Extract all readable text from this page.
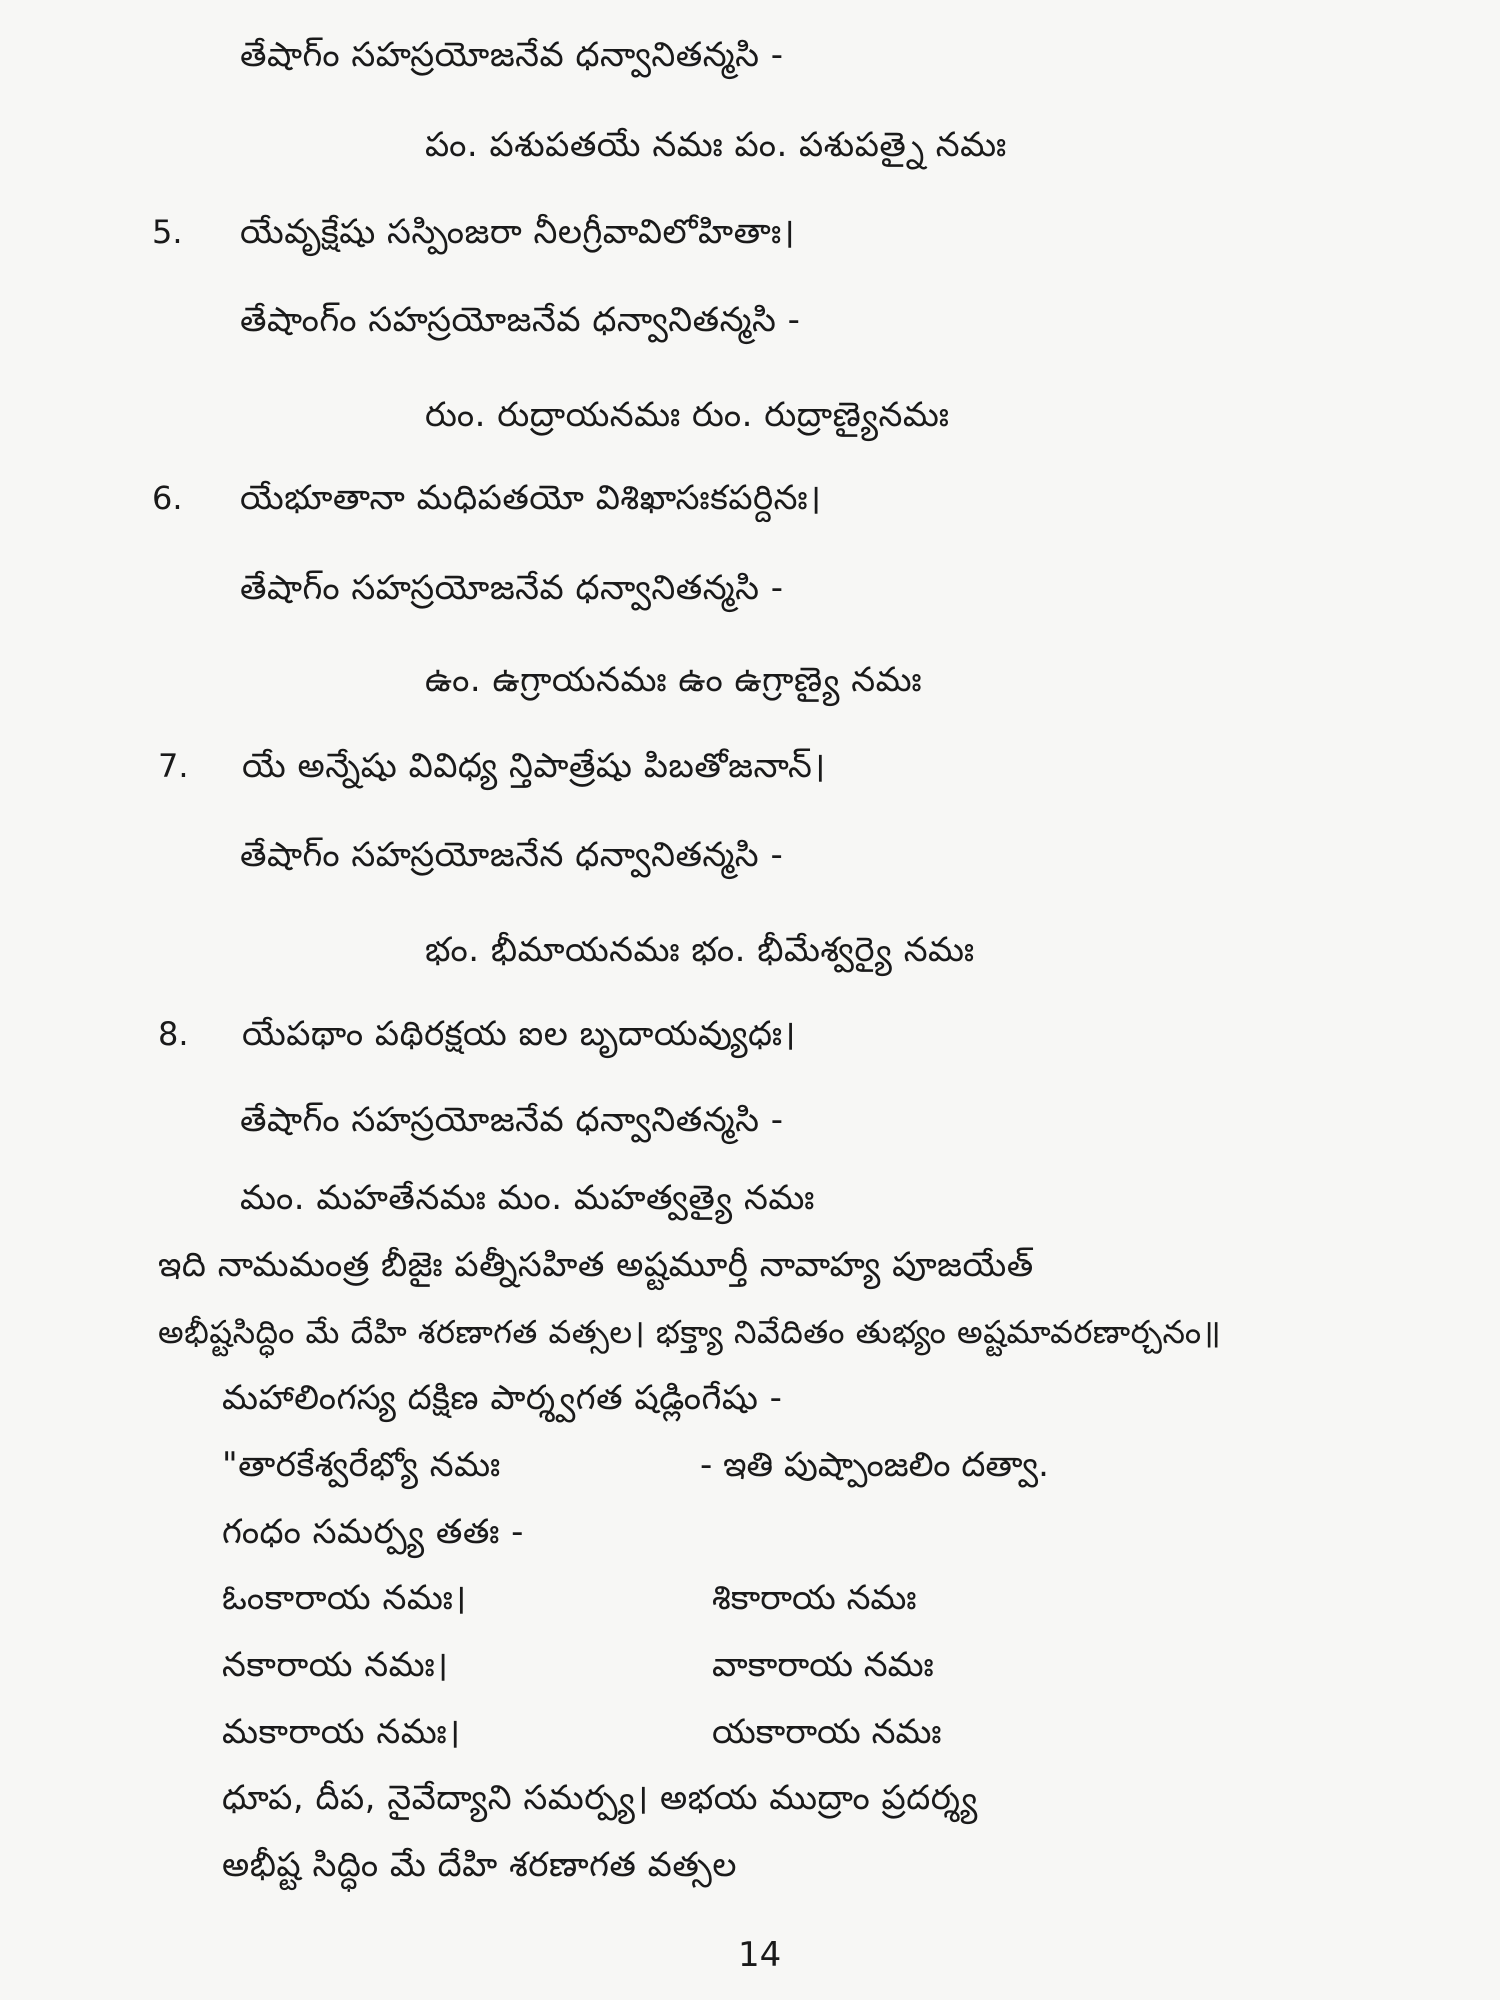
తేషాగ్ం సహస్రయోజనేవ ధన్వానితన్మసి -
పం. పశుపతయే నమః పం. పశుపత్నై నమః
5. యేవృక్షేషు సస్పింజరా నీలగ్రీవావిలోహితాః।
తేషాంగ్ం సహస్రయోజనేవ ధన్వానితన్మసి -
రుం. రుద్రాయనమః రుం. రుద్రాణ్యైనమః
6. యేభూతానా మధిపతయో విశిఖాసఃకపర్దినః।
తేషాగ్ం సహస్రయోజనేవ ధన్వానితన్మసి -
ఉం. ఉగ్రాయనమః ఉం ఉగ్రాణ్యై నమః
7. యే అన్నేషు వివిధ్య న్తిపాత్రేషు పిబతోజనాన్।
తేషాగ్ం సహస్రయోజనేన ధన్వానితన్మసి -
భం. భీమాయనమః భం. భీమేశ్వర్యై నమః
8. యేపథాం పథిరక్షయ ఐల బృదాయవ్యుధః।
తేషాగ్ం సహస్రయోజనేవ ధన్వానితన్మసి -
మం. మహతేనమః మం. మహత్వత్యై నమః
ఇది నామమంత్ర బీజైః పత్నీసహిత అష్టమూర్తీ నావాహ్య పూజయేత్
అభీష్టసిద్ధిం మే దేహి శరణాగత వత్సల। భక్త్యా నివేదితం తుభ్యం అష్టమావరణార్చనం॥
మహాలింగస్య దక్షిణ పార్శ్వగత షడ్లింగేషు -
"తారకేశ్వరేభ్యో నమః	- ఇతి పుష్పాంజలిం దత్వా.
గంధం సమర్ప్య తతః -
ఓంకారాయ నమః।	శికారాయ నమః
నకారాయ నమః।	వాకారాయ నమః
మకారాయ నమః।	యకారాయ నమః
ధూప, దీప, నైవేద్యాని సమర్ప్య। అభయ ముద్రాం ప్రదర్శ్య
అభీష్ట సిద్ధిం మే దేహి శరణాగత వత్సల
14
